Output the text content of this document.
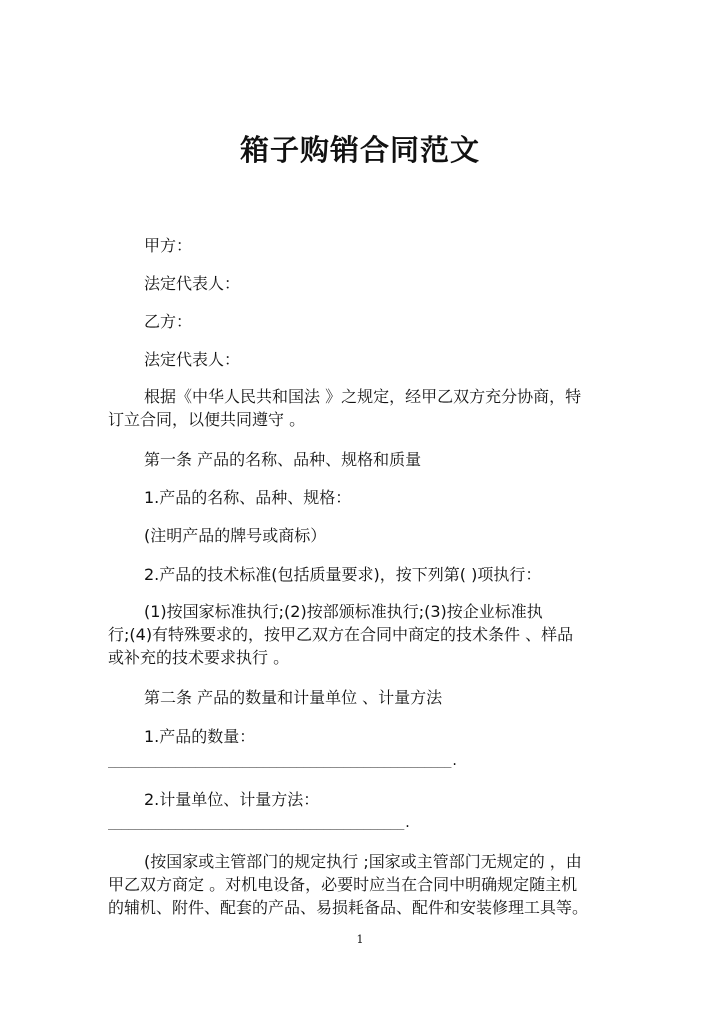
箱子购销合同范文
甲方：
法定代表人：
乙方：
法定代表人：
根据《中华人民共和国法 》之规定，经甲乙双方充分协商，特
订立合同，以便共同遵守 。
第一条 产品的名称、品种、规格和质量
1.产品的名称、品种、规格：
(注明产品的牌号或商标）
2.产品的技术标准(包括质量要求)，按下列第( )项执行：
(1)按国家标准执行;(2)按部颁标准执行;(3)按企业标准执
行;(4)有特殊要求的，按甲乙双方在合同中商定的技术条件 、样品
或补充的技术要求执行 。
第二条 产品的数量和计量单位 、计量方法
1.产品的数量：
___________________________________________________.
2.计量单位、计量方法：
____________________________________________.
(按国家或主管部门的规定执行 ;国家或主管部门无规定的 ，由
甲乙双方商定 。对机电设备，必要时应当在合同中明确规定随主机
的辅机、附件、配套的产品、易损耗备品、配件和安装修理工具等。
1
